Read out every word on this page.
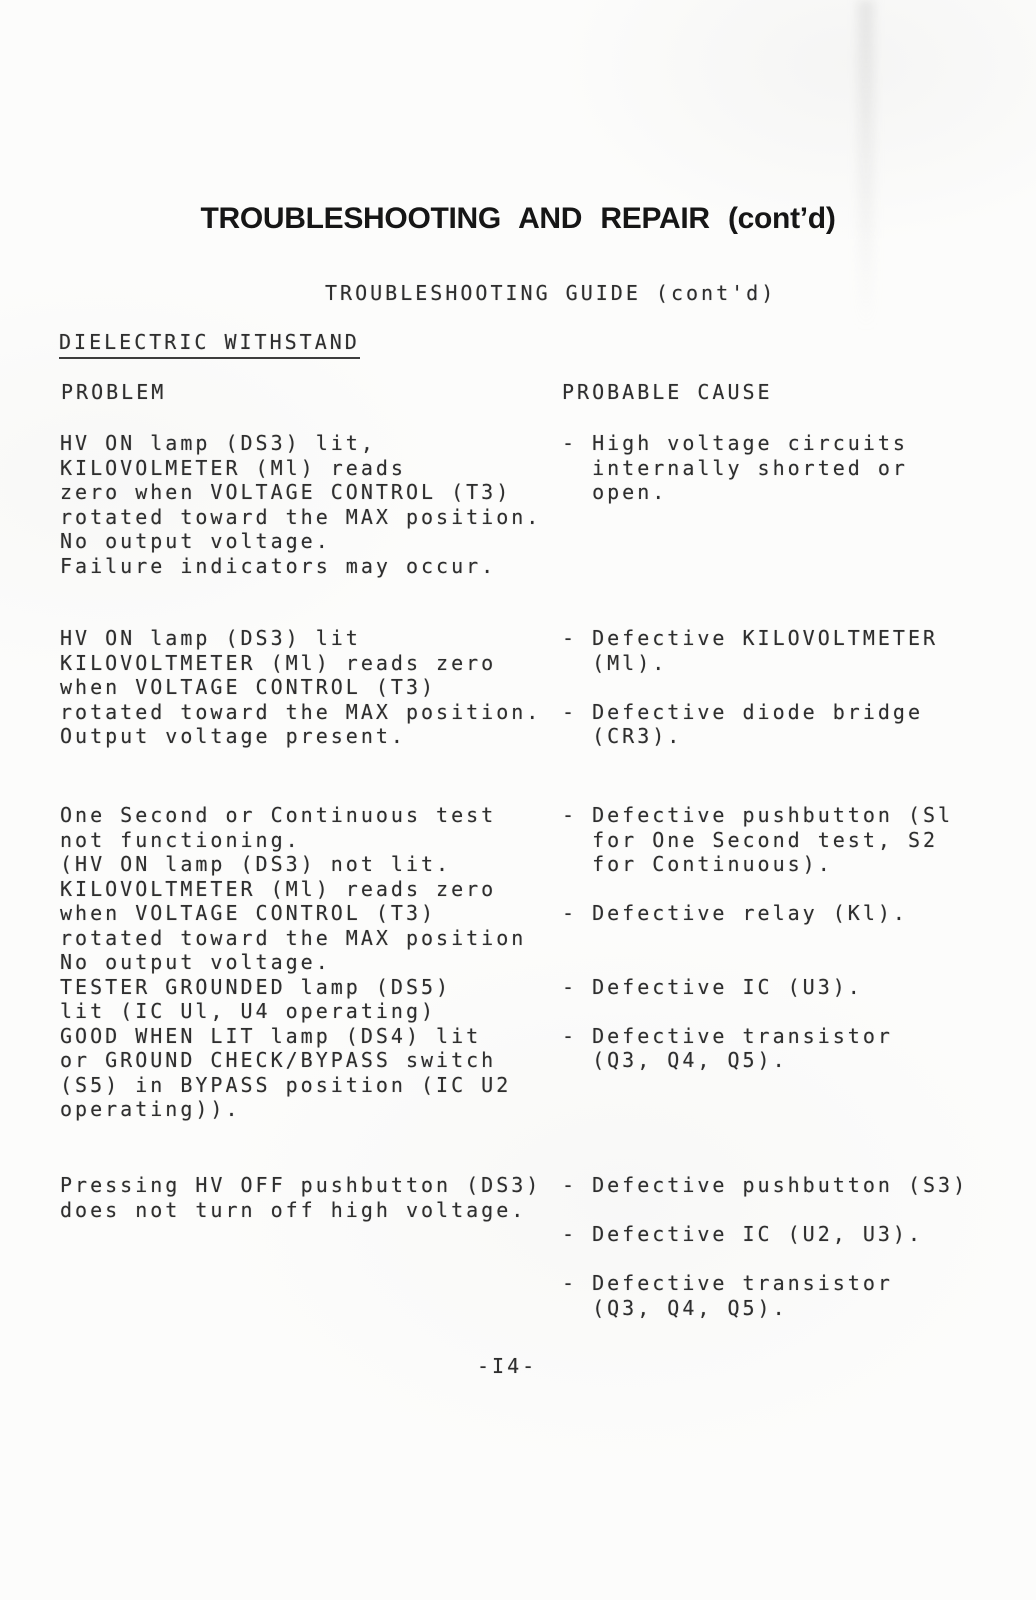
TROUBLESHOOTING AND REPAIR (cont’d)
TROUBLESHOOTING GUIDE (cont'd)
DIELECTRIC WITHSTAND
PROBLEM	PROBABLE CAUSE
HV ON lamp (DS3) lit,
KILOVOLMETER (Ml) reads
zero when VOLTAGE CONTROL (T3)
rotated toward the MAX position.
No output voltage.
Failure indicators may occur.
- High voltage circuits
internally shorted or
open.
HV ON lamp (DS3) lit
KILOVOLTMETER (Ml) reads zero
when VOLTAGE CONTROL (T3)
rotated toward the MAX position.
Output voltage present.
- Defective KILOVOLTMETER
(Ml).

- Defective diode bridge
(CR3).
One Second or Continuous test
not functioning.
(HV ON lamp (DS3) not lit.
KILOVOLTMETER (Ml) reads zero
when VOLTAGE CONTROL (T3)
rotated toward the MAX position
No output voltage.
TESTER GROUNDED lamp (DS5)
lit (IC Ul, U4 operating)
GOOD WHEN LIT lamp (DS4) lit
or GROUND CHECK/BYPASS switch
(S5) in BYPASS position (IC U2
operating)).
- Defective pushbutton (Sl
for One Second test, S2
for Continuous).

- Defective relay (Kl).

- Defective IC (U3).

- Defective transistor
(Q3, Q4, Q5).
Pressing HV OFF pushbutton (DS3)
does not turn off high voltage.
- Defective pushbutton (S3)

- Defective IC (U2, U3).

- Defective transistor
(Q3, Q4, Q5).
-I4-
